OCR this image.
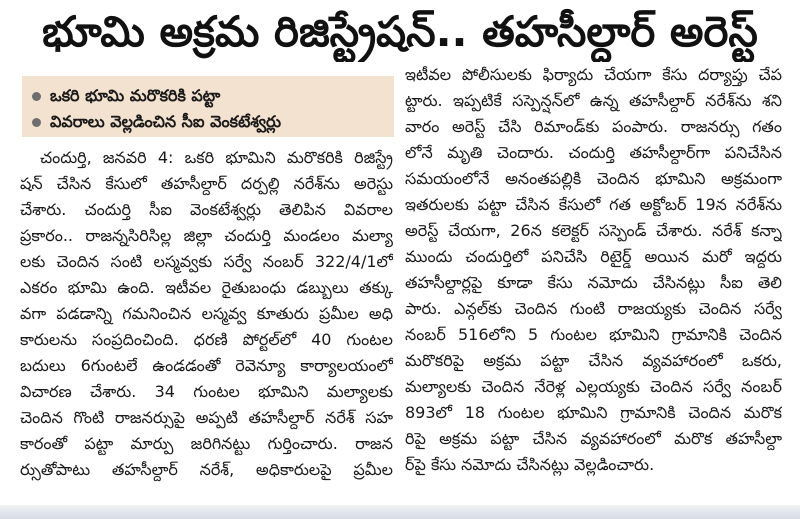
భూమి అక్రమ రిజిస్ట్రేషన్.. తహసీల్దార్ అరెస్ట్
ఒకరి భూమి మరొకరికి పట్టా
వివరాలు వెల్లడించిన సీఐ వెంకటేశ్వర్లు
చందుర్తి, జనవరి 4: ఒకరి భూమిని మరొకరికి రిజిస్ట్రే
షన్ చేసిన కేసులో తహసీల్దార్ దర్పల్లి నరేశ్‌ను అరెస్టు
చేశారు. చందుర్తి సీఐ వెంకటేశ్వర్లు తెలిపిన వివరాల
ప్రకారం.. రాజన్నసిరిసిల్ల జిల్లా చందుర్తి మండలం మల్యా
లకు చెందిన సంటి లస్మవ్వకు సర్వే నంబర్ 322/4/1లో
ఎకరం భూమి ఉంది. ఇటీవల రైతుబంధు డబ్బులు తక్కు
వగా పడడాన్ని గమనించిన లస్మవ్వ కూతురు ప్రమీల అధి
కారులను సంప్రదించింది. ధరణి పోర్టల్‌లో 40 గుంటల
బదులు 6గుంటలే ఉండడంతో రెవెన్యూ కార్యాలయంలో
విచారణ చేశారు. 34 గుంటల భూమిని మల్యాలకు
చెందిన గొంటి రాజనర్సుపై అప్పటి తహసీల్దార్ నరేశ్ సహ
కారంతో పట్టా మార్పు జరిగినట్టు గుర్తించారు. రాజన
ర్సుతోపాటు తహసీల్దార్ నరేశ్, అధికారులపై ప్రమీల
ఇటీవల పోలీసులకు ఫిర్యాదు చేయగా కేసు దర్యాప్తు చేప
ట్టారు. ఇప్పటికే సస్పెన్షన్‌లో ఉన్న తహసీల్దార్ నరేశ్‌ను శని
వారం అరెస్ట్ చేసి రిమాండ్‌కు పంపారు. రాజనర్సు గతం
లోనే మృతి చెందారు. చందుర్తి తహసీల్దార్‌గా పనిచేసిన
సమయంలోనే అనంతపల్లికి చెందిన భూమిని అక్రమంగా
ఇతరులకు పట్టా చేసిన కేసులో గత అక్టోబర్ 19న నరేశ్‌ను
అరెస్ట్ చేయగా, 26న కలెక్టర్ సస్పెండ్ చేశారు. నరేశ్ కన్నా
ముందు చందుర్తిలో పనిచేసి రిటైర్డ్ అయిన మరో ఇద్దరు
తహసీల్దార్లపై కూడా కేసు నమోదు చేసినట్లు సీఐ తెలి
పారు. ఎన్గల్‌కు చెందిన గుంటి రాజయ్యకు చెందిన సర్వే
నంబర్ 516లోని 5 గుంటల భూమిని గ్రామానికి చెందిన
మరొకరిపై అక్రమ పట్టా చేసిన వ్యవహారంలో ఒకరు,
మల్యాలకు చెందిన నేరెళ్ల ఎల్లయ్యకు చెందిన సర్వే నంబర్
893లో 18 గుంటల భూమిని గ్రామానికి చెందిన మరొక
రిపై అక్రమ పట్టా చేసిన వ్యవహారంలో మరొక తహసీల్దా
ర్‌పై కేసు నమోదు చేసినట్లు వెల్లడించారు.
